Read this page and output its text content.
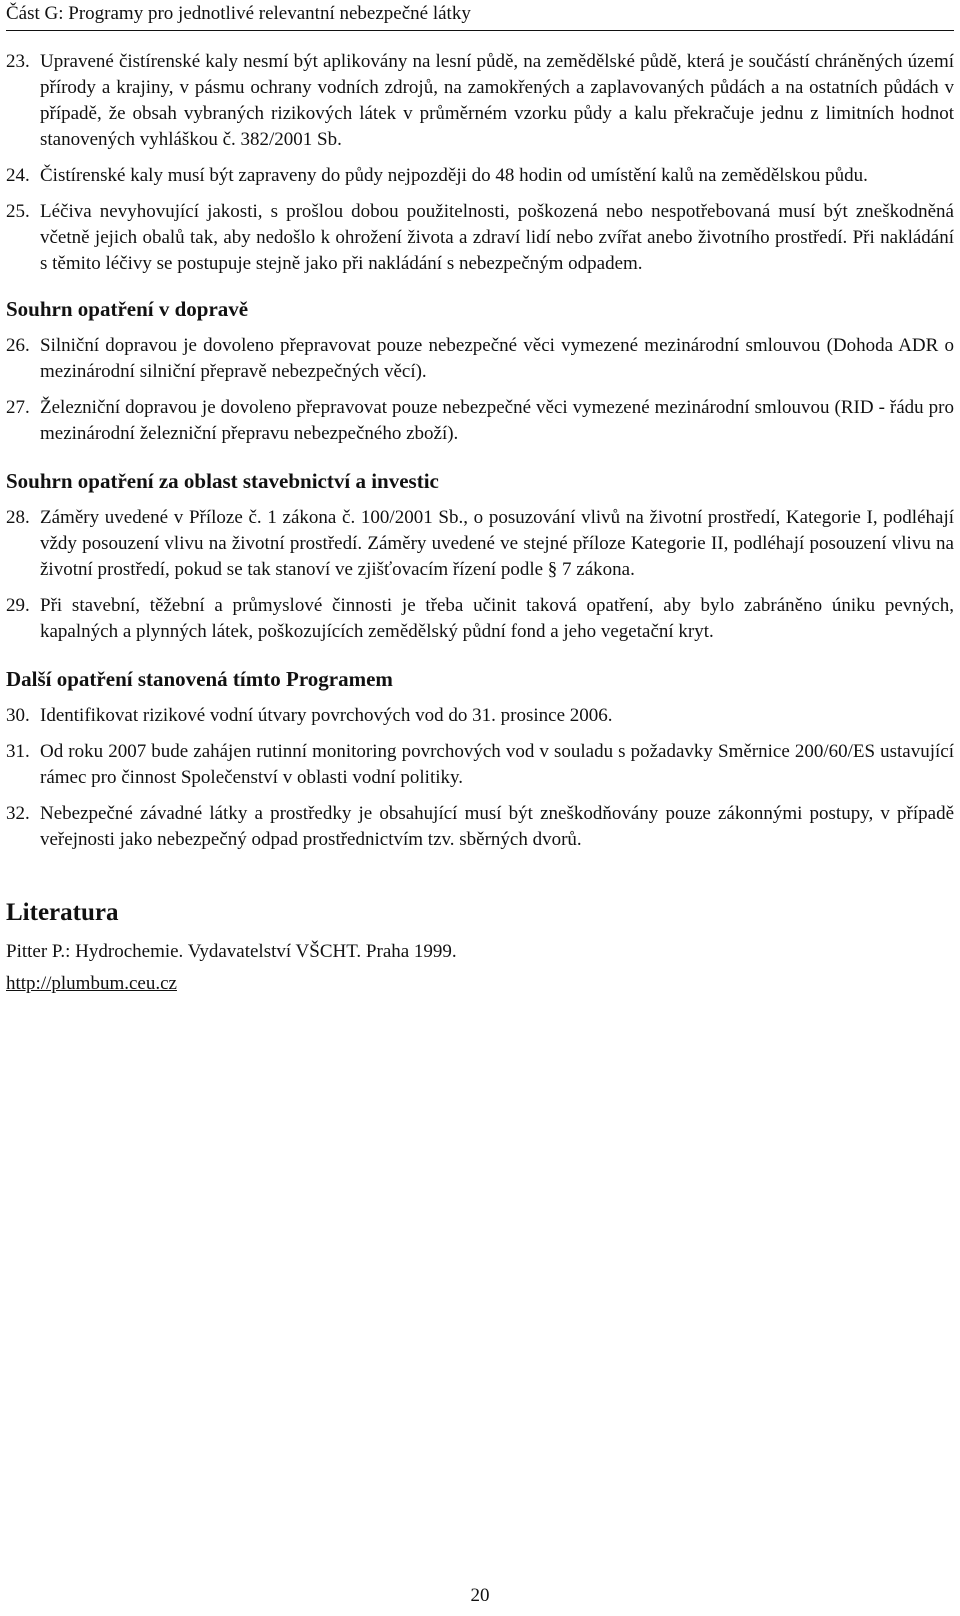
Část G: Programy pro jednotlivé relevantní nebezpečné látky
23. Upravené čistírenské kaly nesmí být aplikovány na lesní půdě, na zemědělské půdě, která je součástí chráněných území přírody a krajiny, v pásmu ochrany vodních zdrojů, na zamokřených a zaplavovaných půdách a na ostatních půdách v případě, že obsah vybraných rizikových látek v průměrném vzorku půdy a kalu překračuje jednu z limitních hodnot stanovených vyhláškou č. 382/2001 Sb.
24. Čistírenské kaly musí být zapraveny do půdy nejpozději do 48 hodin od umístění kalů na zemědělskou půdu.
25. Léčiva nevyhovující jakosti, s prošlou dobou použitelnosti, poškozená nebo nespotřebovaná musí být zneškodněná včetně jejich obalů tak, aby nedošlo k ohrožení života a zdraví lidí nebo zvířat anebo životního prostředí. Při nakládání s těmito léčivy se postupuje stejně jako při nakládání s nebezpečným odpadem.
Souhrn opatření v dopravě
26. Silniční dopravou je dovoleno přepravovat pouze nebezpečné věci vymezené mezinárodní smlouvou (Dohoda ADR o mezinárodní silniční přepravě nebezpečných věcí).
27. Železniční dopravou je dovoleno přepravovat pouze nebezpečné věci vymezené mezinárodní smlouvou (RID - řádu pro mezinárodní železniční přepravu nebezpečného zboží).
Souhrn opatření za oblast stavebnictví a investic
28. Záměry uvedené v Příloze č. 1 zákona č. 100/2001 Sb., o posuzování vlivů na životní prostředí, Kategorie I, podléhají vždy posouzení vlivu na životní prostředí. Záměry uvedené ve stejné příloze Kategorie II, podléhají posouzení vlivu na životní prostředí, pokud se tak stanoví ve zjišťovacím řízení podle § 7 zákona.
29. Při stavební, těžební a průmyslové činnosti je třeba učinit taková opatření, aby bylo zabráněno úniku pevných, kapalných a plynných látek, poškozujících zemědělský půdní fond a jeho vegetační kryt.
Další opatření stanovená tímto Programem
30. Identifikovat rizikové vodní útvary povrchových vod do 31. prosince 2006.
31. Od roku 2007 bude zahájen rutinní monitoring povrchových vod v souladu s požadavky Směrnice 200/60/ES ustavující rámec pro činnost Společenství v oblasti vodní politiky.
32. Nebezpečné závadné látky a prostředky je obsahující musí být zneškodňovány pouze zákonnými postupy, v případě veřejnosti jako nebezpečný odpad prostřednictvím tzv. sběrných dvorů.
Literatura
Pitter P.: Hydrochemie. Vydavatelství VŠCHT. Praha 1999.
http://plumbum.ceu.cz
20
